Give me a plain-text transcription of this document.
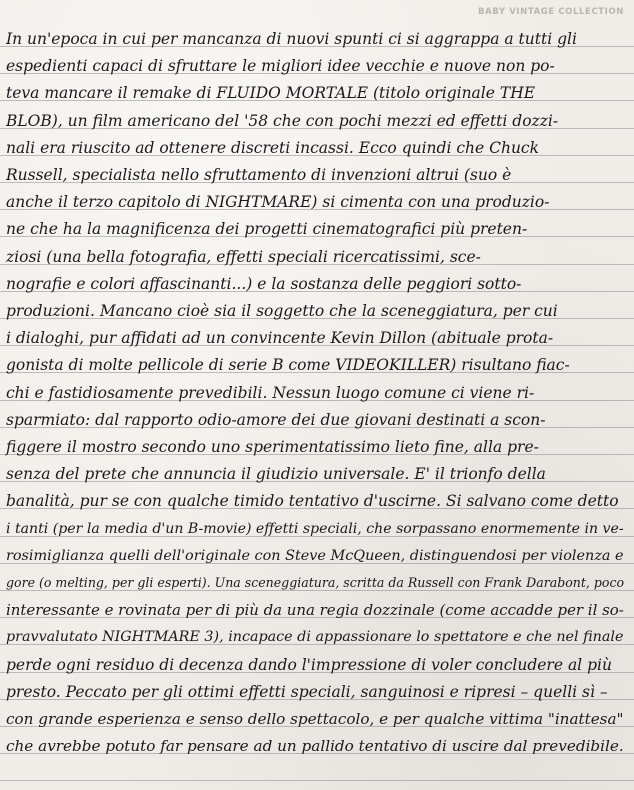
BABY VINTAGE COLLECTION
In un'epoca in cui per mancanza di nuovi spunti ci si aggrappa a tutti gli
espedienti capaci di sfruttare le migliori idee vecchie e nuove non po-
teva mancare il remake di FLUIDO MORTALE (titolo originale THE
BLOB), un film americano del '58 che con pochi mezzi ed effetti dozzi-
nali era riuscito ad ottenere discreti incassi. Ecco quindi che Chuck
Russell, specialista nello sfruttamento di invenzioni altrui (suo è
anche il terzo capitolo di NIGHTMARE) si cimenta con una produzio-
ne che ha la magnificenza dei progetti cinematografici più preten-
ziosi (una bella fotografia, effetti speciali ricercatissimi, sce-
nografie e colori affascinanti...) e la sostanza delle peggiori sotto-
produzioni. Mancano cioè sia il soggetto che la sceneggiatura, per cui
i dialoghi, pur affidati ad un convincente Kevin Dillon (abituale prota-
gonista di molte pellicole di serie B come VIDEOKILLER) risultano fiac-
chi e fastidiosamente prevedibili. Nessun luogo comune ci viene ri-
sparmiato: dal rapporto odio-amore dei due giovani destinati a scon-
figgere il mostro secondo uno sperimentatissimo lieto fine, alla pre-
senza del prete che annuncia il giudizio universale. E' il trionfo della
banalità, pur se con qualche timido tentativo d'uscirne. Si salvano come detto
i tanti (per la media d'un B-movie) effetti speciali, che sorpassano enormemente in ve-
rosimiglianza quelli dell'originale con Steve McQueen, distinguendosi per violenza e
gore (o melting, per gli esperti). Una sceneggiatura, scritta da Russell con Frank Darabont, poco
interessante e rovinata per di più da una regia dozzinale (come accadde per il so-
pravvalutato NIGHTMARE 3), incapace di appassionare lo spettatore e che nel finale
perde ogni residuo di decenza dando l'impressione di voler concludere al più
presto. Peccato per gli ottimi effetti speciali, sanguinosi e ripresi – quelli sì –
con grande esperienza e senso dello spettacolo, e per qualche vittima "inattesa"
che avrebbe potuto far pensare ad un pallido tentativo di uscire dal prevedibile.
